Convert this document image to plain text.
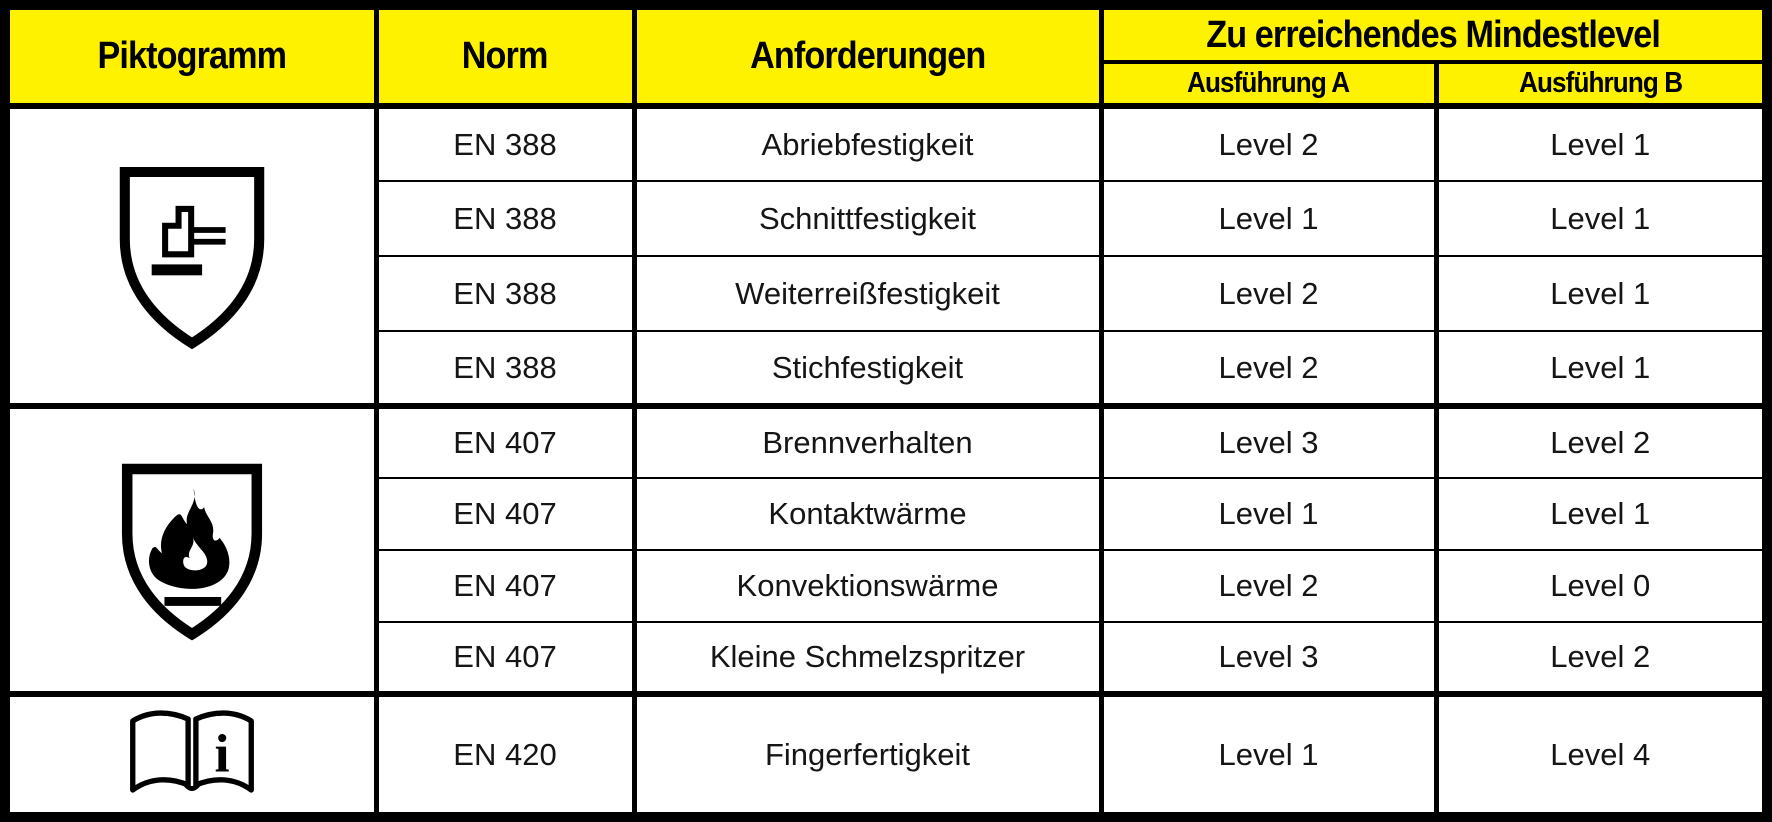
Piktogramm	Norm	Anforderungen	Zu erreichendes Mindestlevel	
			Ausführung A	Ausführung B

	EN 388	Abriebfestigkeit	Level 2	Level 1
	EN 388	Schnittfestigkeit	Level 1	Level 1
	EN 388	Weiterreißfestigkeit	Level 2	Level 1
	EN 388	Stichfestigkeit	Level 2	Level 1

	EN 407	Brennverhalten	Level 3	Level 2
	EN 407	Kontaktwärme	Level 1	Level 1
	EN 407	Konvektionswärme	Level 2	Level 0
	EN 407	Kleine Schmelzspritzer	Level 3	Level 2

i	EN 420	Fingerfertigkeit	Level 1	Level 4
